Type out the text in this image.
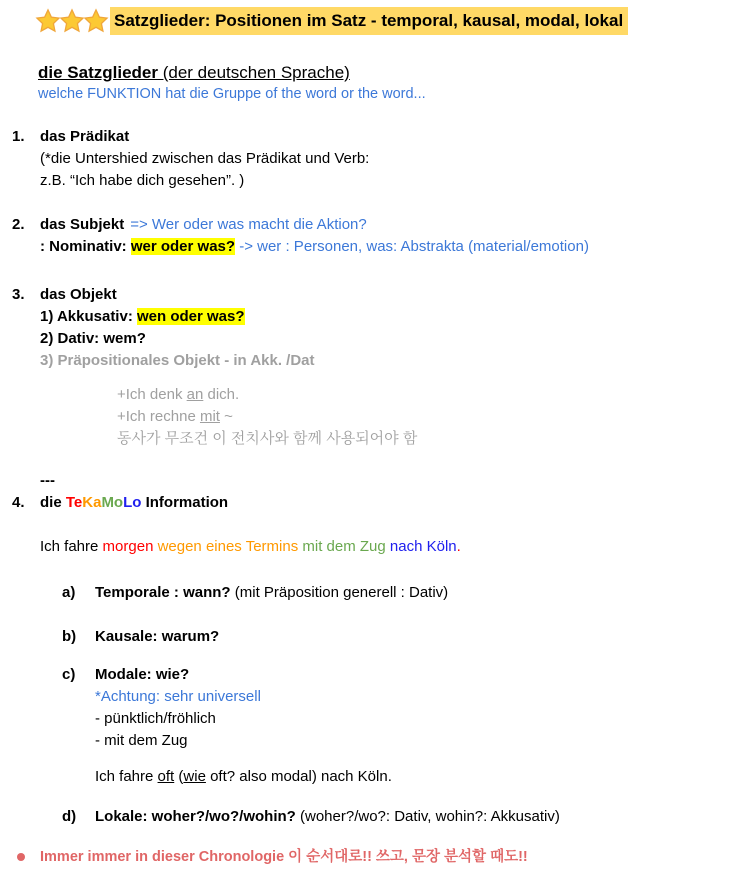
Satzglieder: Positionen im Satz - temporal, kausal, modal, lokal
die Satzglieder (der deutschen Sprache)
welche FUNKTION hat die Gruppe of the word or the word...
1.	das Prädikat
(*die Untershied zwischen das Prädikat und Verb:
z.B. “Ich habe dich gesehen”. )
2.	das Subjekt => Wer oder was macht die Aktion?
: Nominativ: wer oder was? -> wer : Personen, was: Abstrakta (material/emotion)
3.	das Objekt
1) Akkusativ: wen oder was?
2) Dativ: wem?
3) Präpositionales Objekt - in Akk. /Dat
+Ich denk an dich.
+Ich rechne mit ~
동사가 무조건 이 전치사와 함께 사용되어야 함
---
4.	die TeKaMoLo Information
Ich fahre morgen wegen eines Termins mit dem Zug nach Köln.
a)	Temporale : wann? (mit Präposition generell : Dativ)
b)	Kausale: warum?
c)	Modale: wie?
*Achtung: sehr universell
- pünktlich/fröhlich
- mit dem Zug
Ich fahre oft (wie oft? also modal) nach Köln.
d)	Lokale: woher?/wo?/wohin? (woher?/wo?: Dativ, wohin?: Akkusativ)
Immer immer in dieser Chronologie 이 순서대로!! 쓰고, 문장 분석할 때도!!
